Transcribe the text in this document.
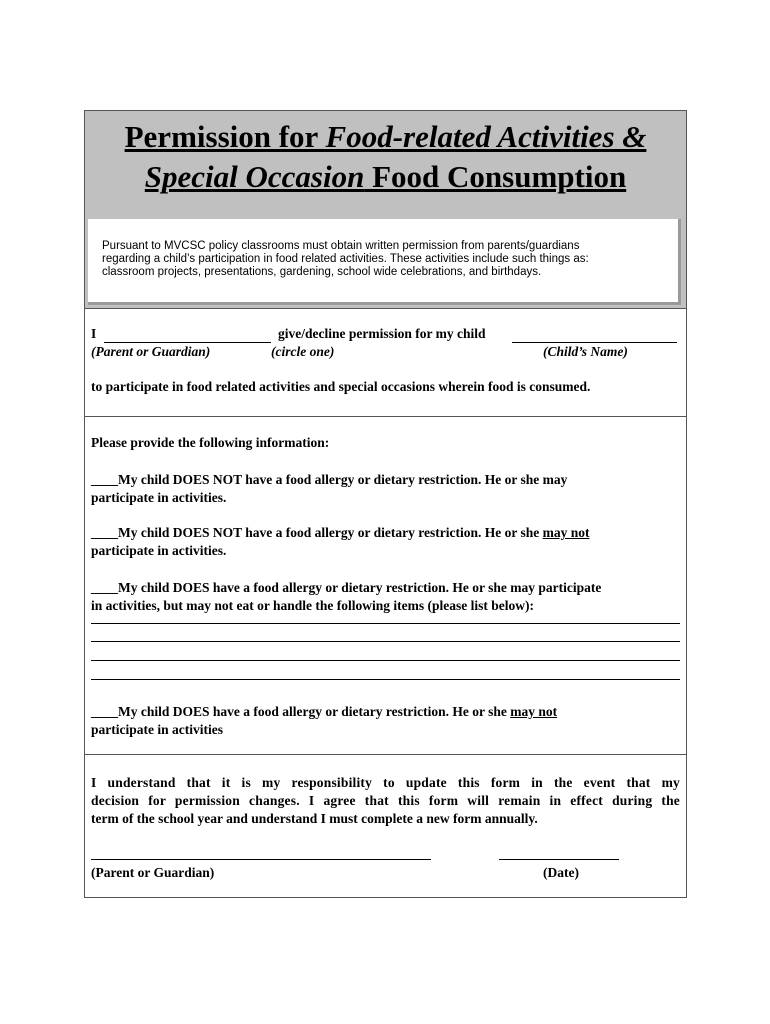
Permission for Food-related Activities &
Special Occasion Food Consumption
Pursuant to MVCSC policy classrooms must obtain written permission from parents/guardians
regarding a child’s participation in food related activities. These activities include such things as:
classroom projects, presentations, gardening, school wide celebrations, and birthdays.
I	give/decline permission for my child
(Parent or Guardian)	(circle one)	(Child’s Name)
to participate in food related activities and special occasions wherein food is consumed.
Please provide the following information:
____My child DOES NOT have a food allergy or dietary restriction. He or she may
participate in activities.
____My child DOES NOT have a food allergy or dietary restriction. He or she may not
participate in activities.
____My child DOES have a food allergy or dietary restriction. He or she may participate
in activities, but may not eat or handle the following items (please list below):
____My child DOES have a food allergy or dietary restriction. He or she may not
participate in activities
I understand that it is my responsibility to update this form in the event that my
decision for permission changes. I agree that this form will remain in effect during the
term of the school year and understand I must complete a new form annually.
(Parent or Guardian)	(Date)
